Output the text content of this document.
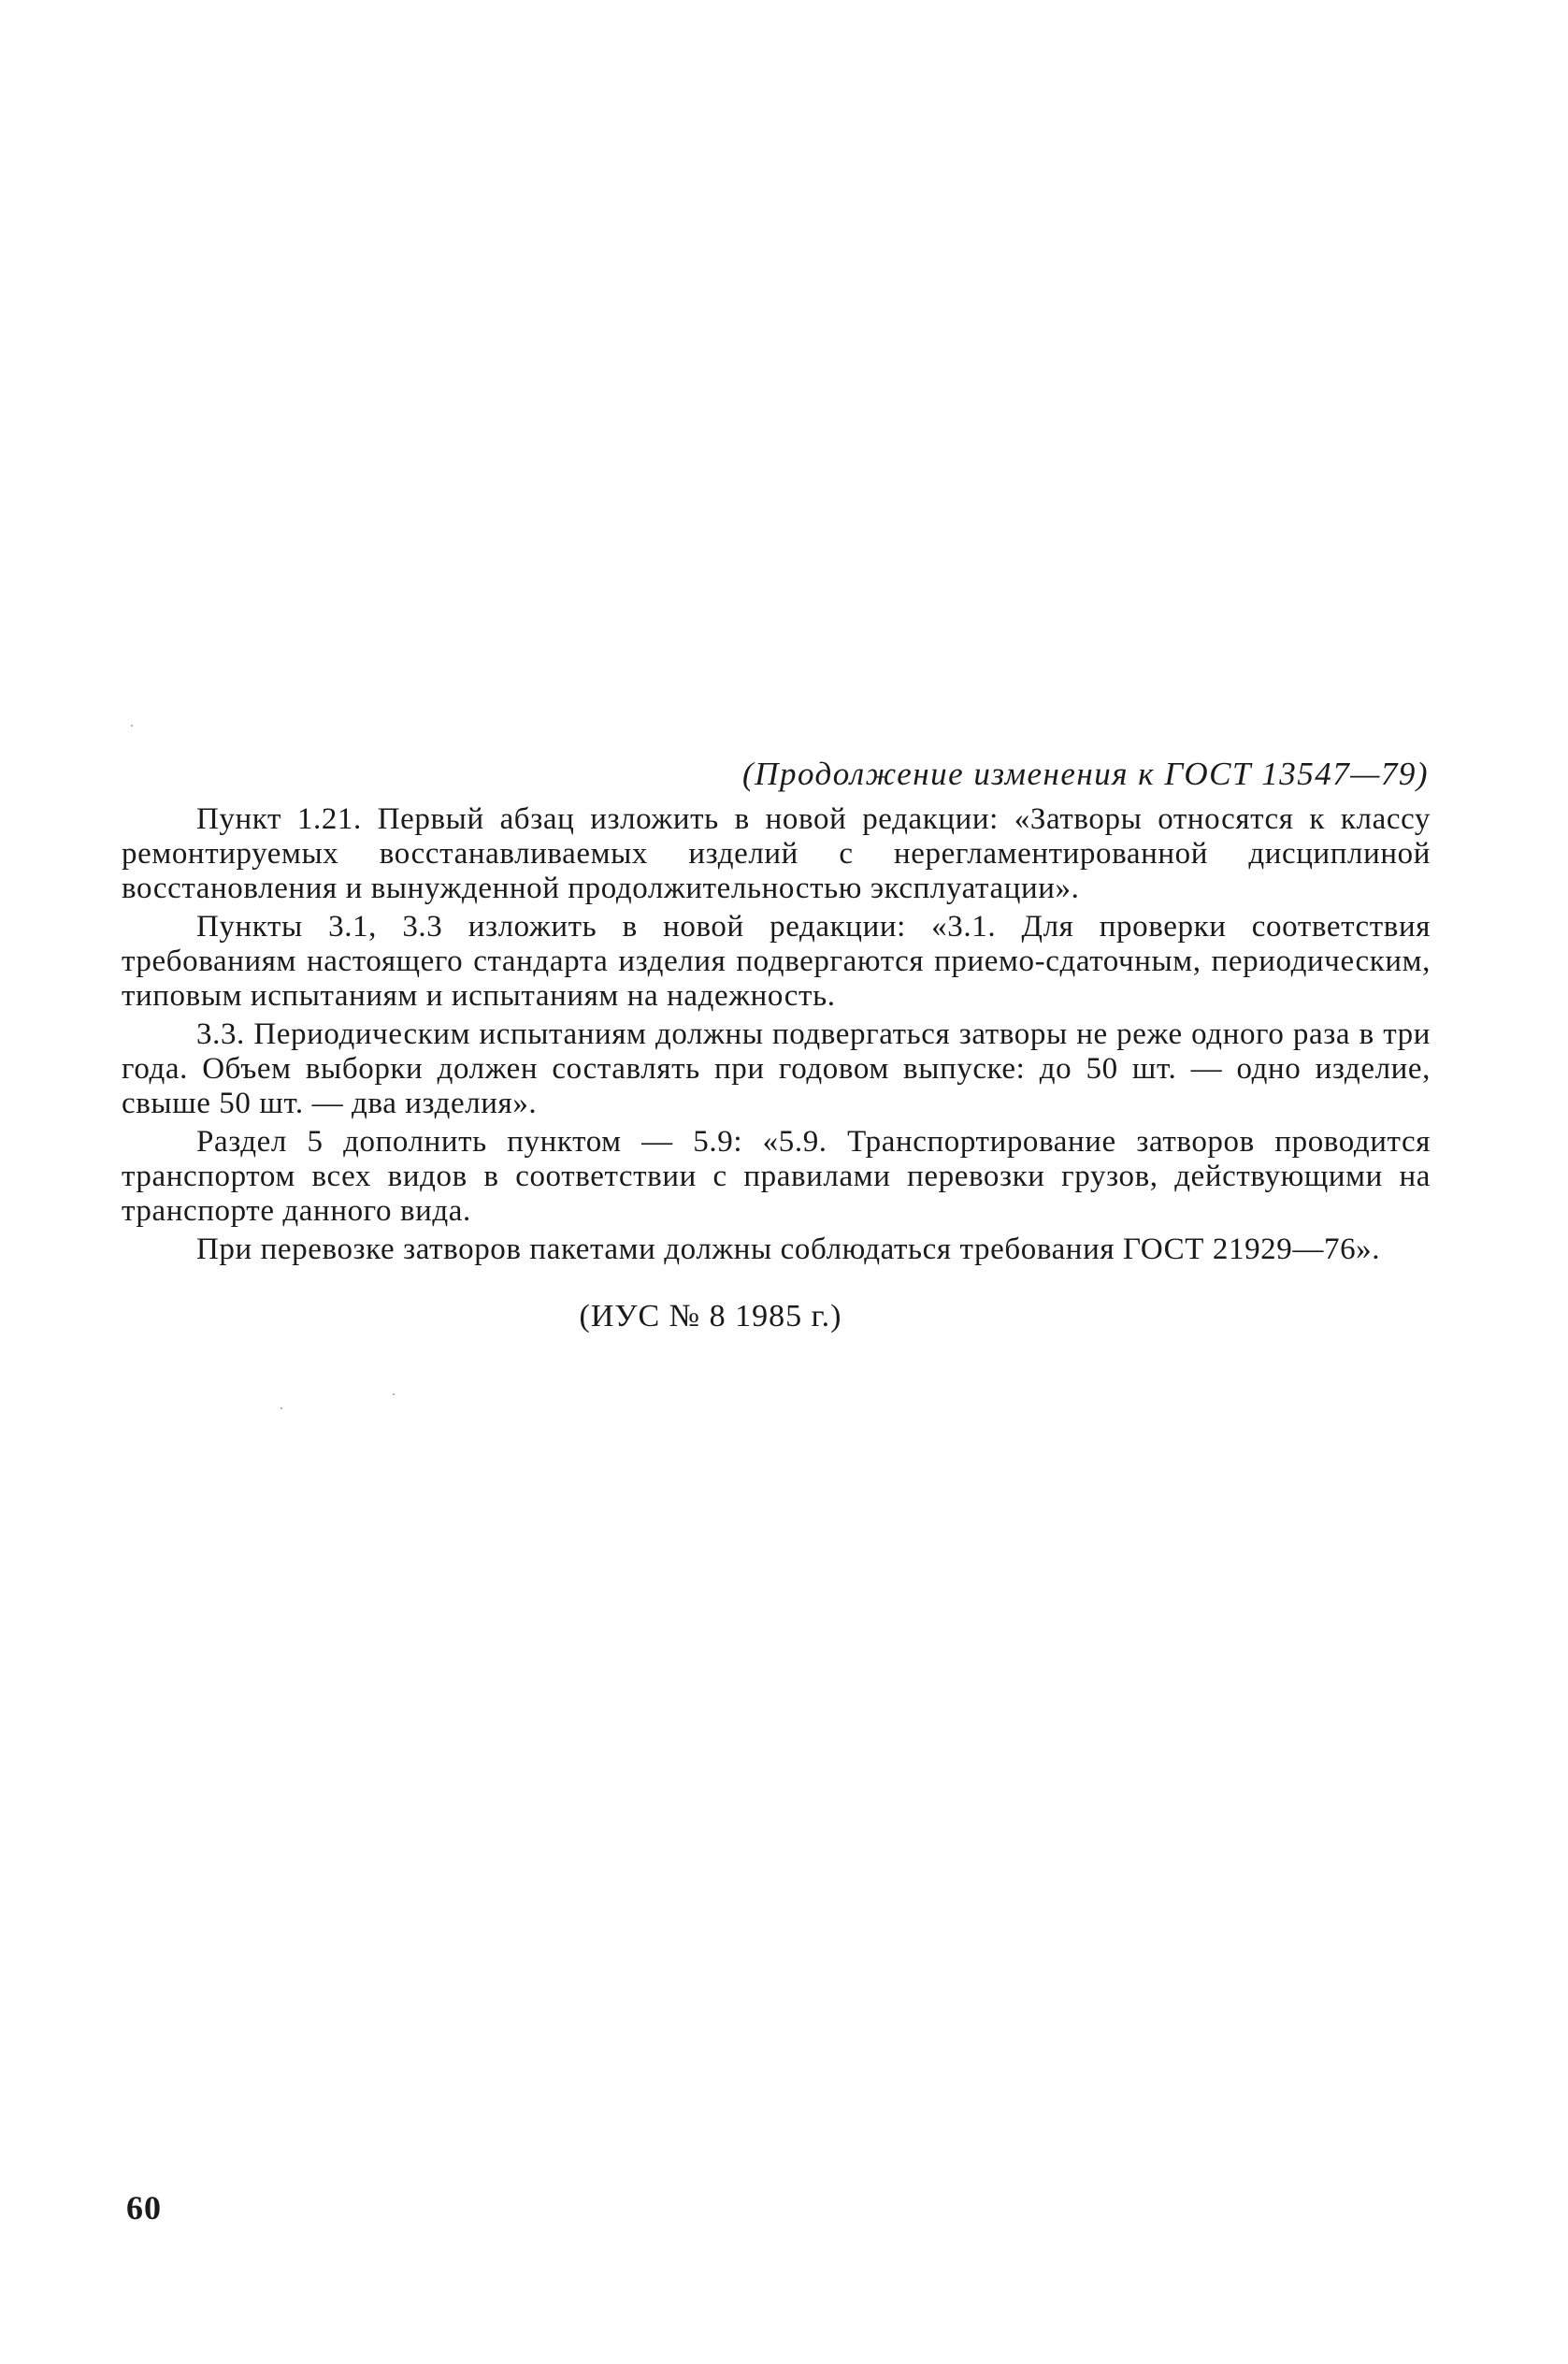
(Продолжение изменения к ГОСТ 13547—79)

Пункт 1.21. Первый абзац изложить в новой редакции: «Затворы относятся к классу ремонтируемых восстанавливаемых изделий с нерегламентированной дисциплиной восстановления и вынужденной продолжительностью эксплуатации».

Пункты 3.1, 3.3 изложить в новой редакции: «3.1. Для проверки соответствия требованиям настоящего стандарта изделия подвергаются приемо-сдаточным, периодическим, типовым испытаниям и испытаниям на надежность.

3.3. Периодическим испытаниям должны подвергаться затворы не реже одного раза в три года. Объем выборки должен составлять при годовом выпуске: до 50 шт. — одно изделие, свыше 50 шт. — два изделия».

Раздел 5 дополнить пунктом — 5.9: «5.9. Транспортирование затворов проводится транспортом всех видов в соответствии с правилами перевозки грузов, действующими на транспорте данного вида.

При перевозке затворов пакетами должны соблюдаться требования ГОСТ 21929—76».

(ИУС № 8 1985 г.)
60
